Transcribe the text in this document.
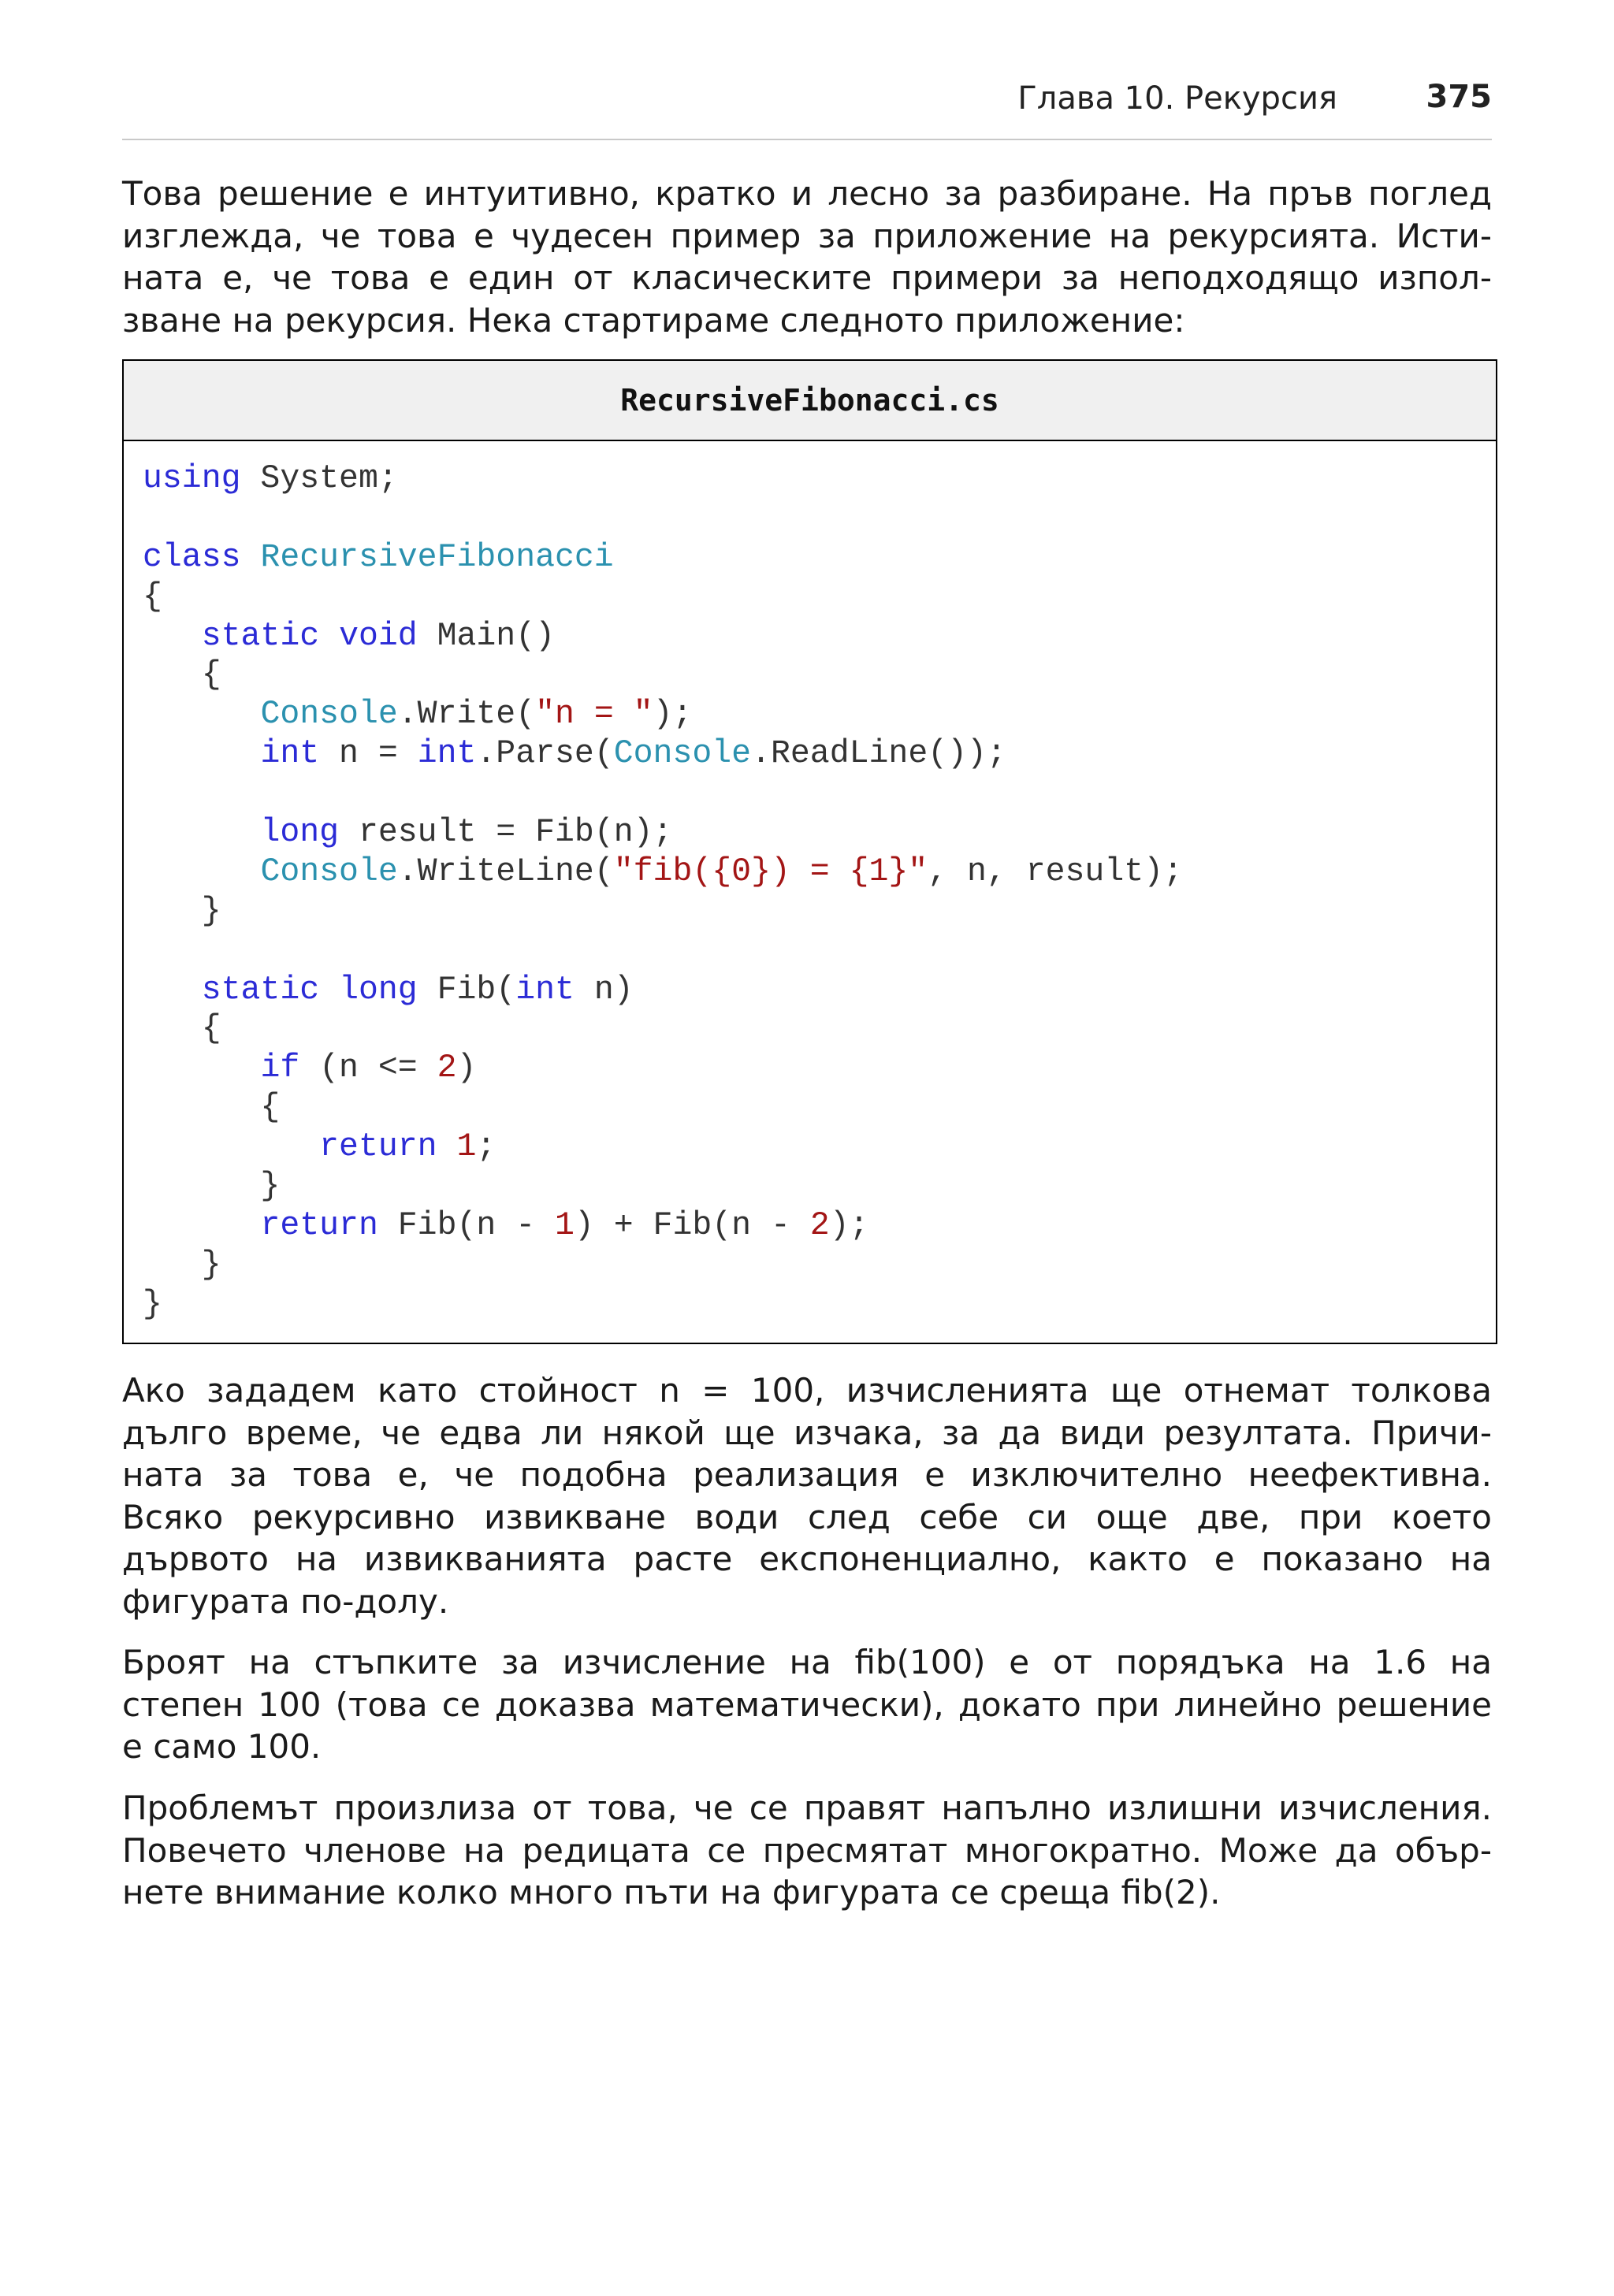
Глава 10. Рекурсия	375
Това решение е интуитивно, кратко и лесно за разбиране. На пръв поглед
изглежда, че това е чудесен пример за приложение на рекурсията. Исти-
ната е, че това е един от класическите примери за неподходящо изпол-
зване на рекурсия. Нека стартираме следното приложение:
RecursiveFibonacci.cs
using System;
class RecursiveFibonacci
{
static void Main()
{
Console.Write("n = ");
int n = int.Parse(Console.ReadLine());
long result = Fib(n);
Console.WriteLine("fib({0}) = {1}", n, result);
}
static long Fib(int n)
{
if (n <= 2)
{
return 1;
}
return Fib(n - 1) + Fib(n - 2);
}
}
Ако зададем като стойност n = 100, изчисленията ще отнемат толкова
дълго време, че едва ли някой ще изчака, за да види резултата. Причи-
ната за това е, че подобна реализация е изключително неефективна.
Всяко рекурсивно извикване води след себе си още две, при което
дървото на извикванията расте експоненциално, както е показано на
фигурата по-долу.
Броят на стъпките за изчисление на fib(100) е от порядъка на 1.6 на
степен 100 (това се доказва математически), докато при линейно решение
е само 100.
Проблемът произлиза от това, че се правят напълно излишни изчисления.
Повечето членове на редицата се пресмятат многократно. Може да обър-
нете внимание колко много пъти на фигурата се среща fib(2).
